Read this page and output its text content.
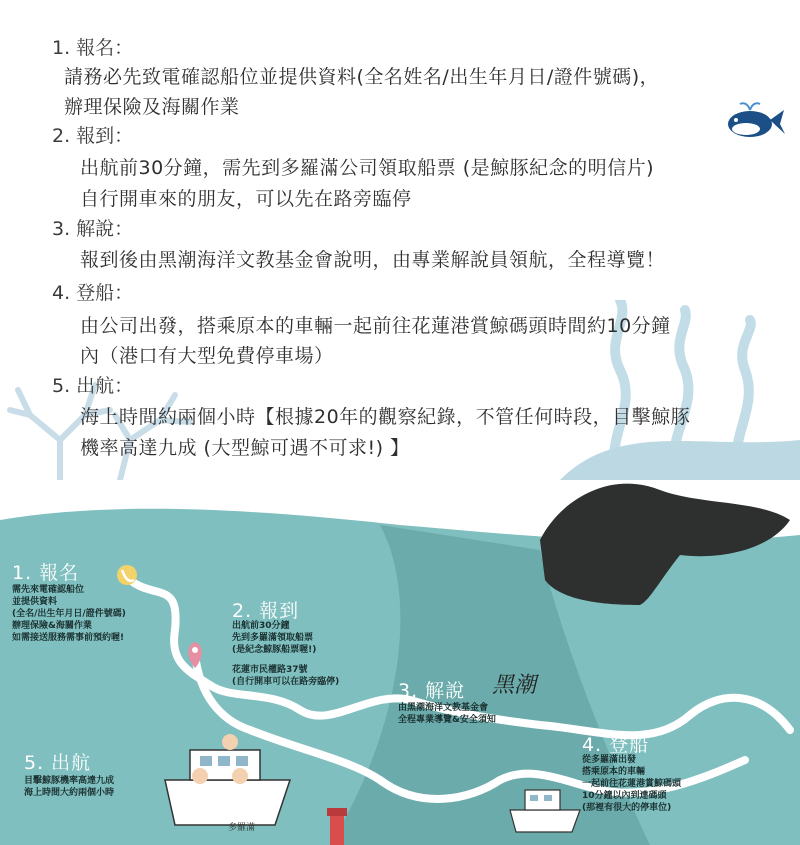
1. 報名：
請務必先致電確認船位並提供資料(全名姓名/出生年月日/證件號碼)，
辦理保險及海關作業
2. 報到：
出航前30分鐘，需先到多羅滿公司領取船票 (是鯨豚紀念的明信片)
自行開車來的朋友，可以先在路旁臨停
3. 解說：
報到後由黑潮海洋文教基金會說明，由專業解說員領航，全程導覽！
4. 登船：
由公司出發，搭乘原本的車輛一起前往花蓮港賞鯨碼頭時間約10分鐘
內（港口有大型免費停車場）
5. 出航：
海上時間約兩個小時【根據20年的觀察紀錄，不管任何時段，目擊鯨豚
機率高達九成 (大型鯨可遇不可求!) 】
1. 報名
需先來電確認船位
並提供資料
(全名/出生年月日/證件號碼)
辦理保險&海關作業
如需接送服務需事前預約喔!
2. 報到
出航前30分鐘
先到多羅滿領取船票
(是紀念鯨豚船票喔!)
花蓮市民權路37號
(自行開車可以在路旁臨停)	3. 解說 黑潮
由黑潮海洋文教基金會
全程專業導覽&安全須知
4. 登船
從多羅滿出發
搭乘原本的車輛
一起前往花蓮港賞鯨碼頭
10分鐘以內到達碼頭
(那裡有很大的停車位)
5. 出航
目擊鯨豚機率高達九成
海上時間大約兩個小時
多羅滿
